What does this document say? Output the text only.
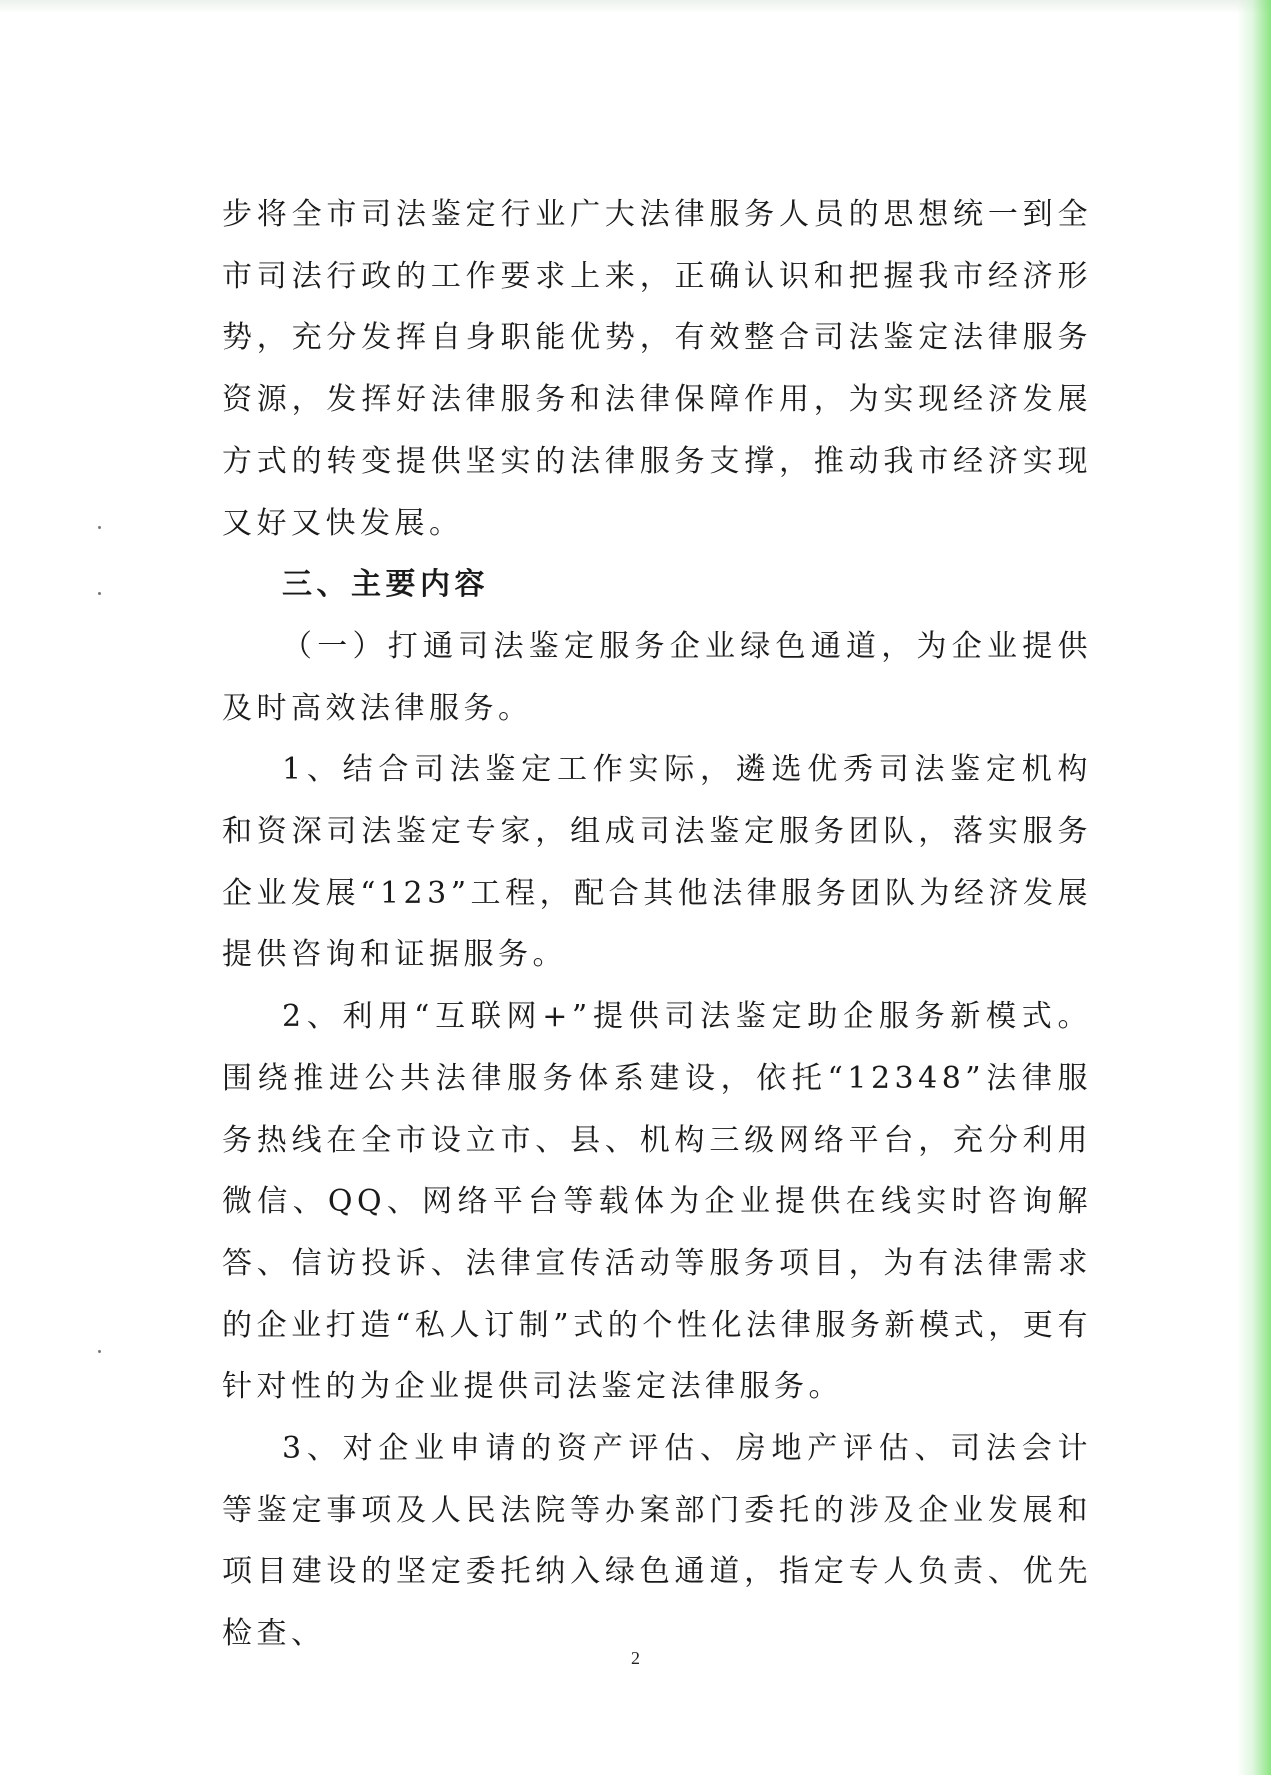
步将全市司法鉴定行业广大法律服务人员的思想统一到全市司法行政的工作要求上来，正确认识和把握我市经济形势，充分发挥自身职能优势，有效整合司法鉴定法律服务资源，发挥好法律服务和法律保障作用，为实现经济发展方式的转变提供坚实的法律服务支撑，推动我市经济实现又好又快发展。

三、主要内容

（一）打通司法鉴定服务企业绿色通道，为企业提供及时高效法律服务。

1、结合司法鉴定工作实际，遴选优秀司法鉴定机构和资深司法鉴定专家，组成司法鉴定服务团队，落实服务企业发展“123”工程，配合其他法律服务团队为经济发展提供咨询和证据服务。

2、利用“互联网+”提供司法鉴定助企服务新模式。围绕推进公共法律服务体系建设，依托“12348”法律服务热线在全市设立市、县、机构三级网络平台，充分利用微信、QQ、网络平台等载体为企业提供在线实时咨询解答、信访投诉、法律宣传活动等服务项目，为有法律需求的企业打造“私人订制”式的个性化法律服务新模式，更有针对性的为企业提供司法鉴定法律服务。

3、对企业申请的资产评估、房地产评估、司法会计等鉴定事项及人民法院等办案部门委托的涉及企业发展和项目建设的坚定委托纳入绿色通道，指定专人负责、优先检查、

2
